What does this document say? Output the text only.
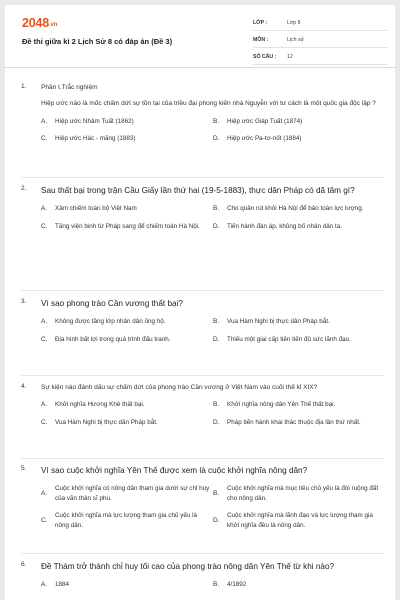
2048.vn
Đề thi giữa kì 2 Lịch Sử 8 có đáp án (Đề 3)
LỚP :	Lớp 8
MÔN :	Lịch sử
SỐ CÂU :	12
1.	Phần I.Trắc nghiệm
Hiệp ước nào là mốc chấm dứt sự tồn tại của triều đại phong kiến nhà Nguyễn với tư cách là một quốc gia độc lập ?
A.	Hiệp ước Nhâm Tuất (1862)	B.	Hiệp ước Giáp Tuất (1874)
C.	Hiệp ước Hác - măng (1883)	D.	Hiệp ước Pa-tơ-nốt (1884)
2.	Sau thất bại trong trận Cầu Giấy lần thứ hai (19-5-1883), thực dân Pháp có dã tâm gì?
A.	Xâm chiếm toàn bộ Việt Nam	B.	Cho quân rút khỏi Hà Nội để bảo toàn lực lượng.
C.	Tăng viện binh từ Pháp sang để chiếm toàn Hà Nội. D.	Tiến hành đàn áp, khủng bố nhân dân ta.
3.	Vì sao phong trào Cần vương thất bại?
A.	Không được tầng lớp nhân dân ủng hộ.	B.	Vua Hàm Nghi bị thực dân Pháp bắt.
C.	Địa hình bất lợi trong quá trình đấu tranh.	D.	Thiếu một giai cấp tiên tiến đủ sức lãnh đạo.
4.	Sự kiện nào đánh dấu sự chấm dứt của phong trào Cần vương ở Việt Nam vào cuối thế kỉ XIX?
A.	Khởi nghĩa Hương Khê thất bại.	B.	Khởi nghĩa nông dân Yên Thế thất bại.
C.	Vua Hàm Nghi bị thực dân Pháp bắt.	D.	Pháp tiến hành khai thác thuộc địa lần thứ nhất.
5.	Vì sao cuộc khởi nghĩa Yên Thế được xem là cuộc khởi nghĩa nông dân?
A.
Cuộc khởi nghĩa có nông dân tham gia dưới sự chỉ huy của văn thân sĩ phu.
B.
Cuộc khởi nghĩa mà mục tiêu chủ yếu là đòi ruộng đất cho nông dân.
C.
Cuộc khởi nghĩa mà lực lượng tham gia chủ yếu là nông dân.
D.
Cuộc khởi nghĩa mà lãnh đạo và lực lượng tham gia khởi nghĩa đều là nông dân.
6.	Đề Thám trở thành chỉ huy tối cao của phong trào nông dân Yên Thế từ khi nào?
A.	1884	B.	4/1892
